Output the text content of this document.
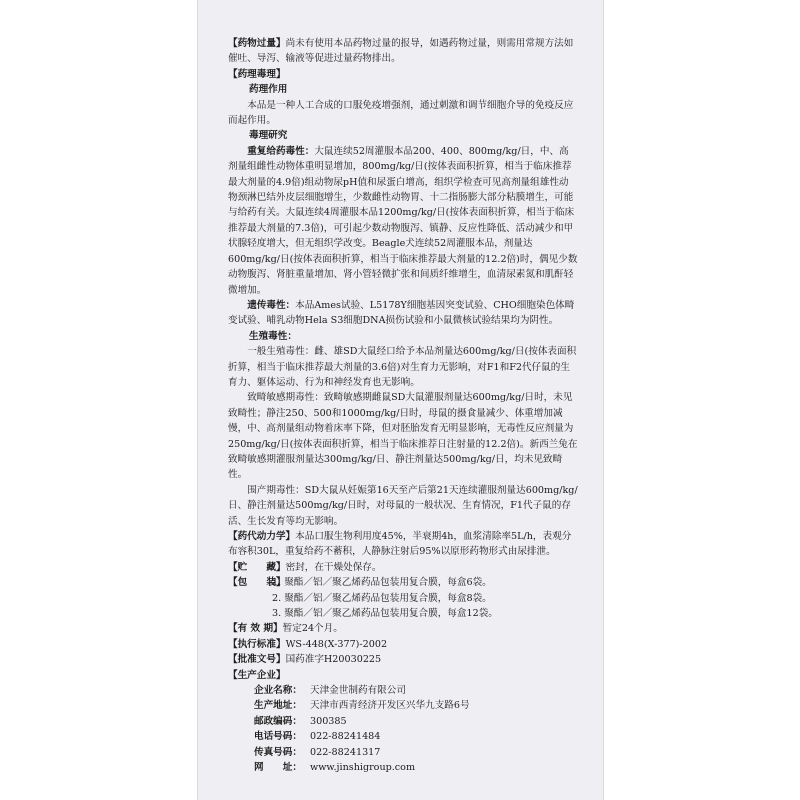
【药物过量】尚未有使用本品药物过量的报导，如遇药物过量，则需用常规方法如催吐、导泻、输液等促进过量药物排出。

【药理毒理】

药理作用

本品是一种人工合成的口服免疫增强剂，通过刺激和调节细胞介导的免疫反应而起作用。

毒理研究

重复给药毒性：大鼠连续52周灌服本品200、400、800mg/kg/日，中、高剂量组雌性动物体重明显增加，800mg/kg/日(按体表面积折算，相当于临床推荐最大剂量的4.9倍)组动物尿pH值和尿蛋白增高，组织学检查可见高剂量组雄性动物颈淋巴结外皮层细胞增生，少数雌性动物胃、十二指肠膨大部分粘膜增生，可能与给药有关。大鼠连续4周灌服本品1200mg/kg/日(按体表面积折算，相当于临床推荐最大剂量的7.3倍)，可引起少数动物腹泻、镇静、反应性降低、活动减少和甲状腺轻度增大，但无组织学改变。Beagle犬连续52周灌服本品，剂量达600mg/kg/日(按体表面积折算，相当于临床推荐最大剂量的12.2倍)时，偶见少数动物腹泻、肾脏重量增加、肾小管轻微扩张和间质纤维增生，血清尿素氮和肌酐轻微增加。

遗传毒性：本品Ames试验、L5178Y细胞基因突变试验、CHO细胞染色体畸变试验、哺乳动物Hela S3细胞DNA损伤试验和小鼠微核试验结果均为阴性。

生殖毒性：

一般生殖毒性：雌、雄SD大鼠经口给予本品剂量达600mg/kg/日(按体表面积折算，相当于临床推荐最大剂量的3.6倍)对生育力无影响，对F1和F2代仔鼠的生育力、躯体运动、行为和神经发育也无影响。

致畸敏感期毒性：致畸敏感期雌鼠SD大鼠灌服剂量达600mg/kg/日时，未见致畸性；静注250、500和1000mg/kg/日时，母鼠的摄食量减少、体重增加减慢，中、高剂量组动物着床率下降，但对胚胎发育无明显影响，无毒性反应剂量为250mg/kg/日(按体表面积折算，相当于临床推荐日注射量的12.2倍)。新西兰兔在致畸敏感期灌服剂量达300mg/kg/日、静注剂量达500mg/kg/日，均未见致畸性。

围产期毒性：SD大鼠从妊娠第16天至产后第21天连续灌服剂量达600mg/kg/日、静注剂量达500mg/kg/日时，对母鼠的一般状况、生育情况，F1代子鼠的存活、生长发育等均无影响。

【药代动力学】本品口服生物利用度45%，半衰期4h，血浆清除率5L/h，表观分布容积30L，重复给药不蓄积，人静脉注射后95%以原形药物形式由尿排泄。

【贮　　藏】密封，在干燥处保存。

【包　　装】
1. 聚酯／铝／聚乙烯药品包装用复合膜，每盒6袋。
2. 聚酯／铝／聚乙烯药品包装用复合膜，每盒8袋。
3. 聚酯／铝／聚乙烯药品包装用复合膜，每盒12袋。

【有 效 期】暂定24个月。

【执行标准】WS-448(X-377)-2002

【批准文号】国药准字H20030225

【生产企业】

企业名称： 天津金世制药有限公司
生产地址： 天津市西青经济开发区兴华九支路6号
邮政编码： 300385
电话号码： 022-88241484
传真号码： 022-88241317
网　　址： www.jinshigroup.com
